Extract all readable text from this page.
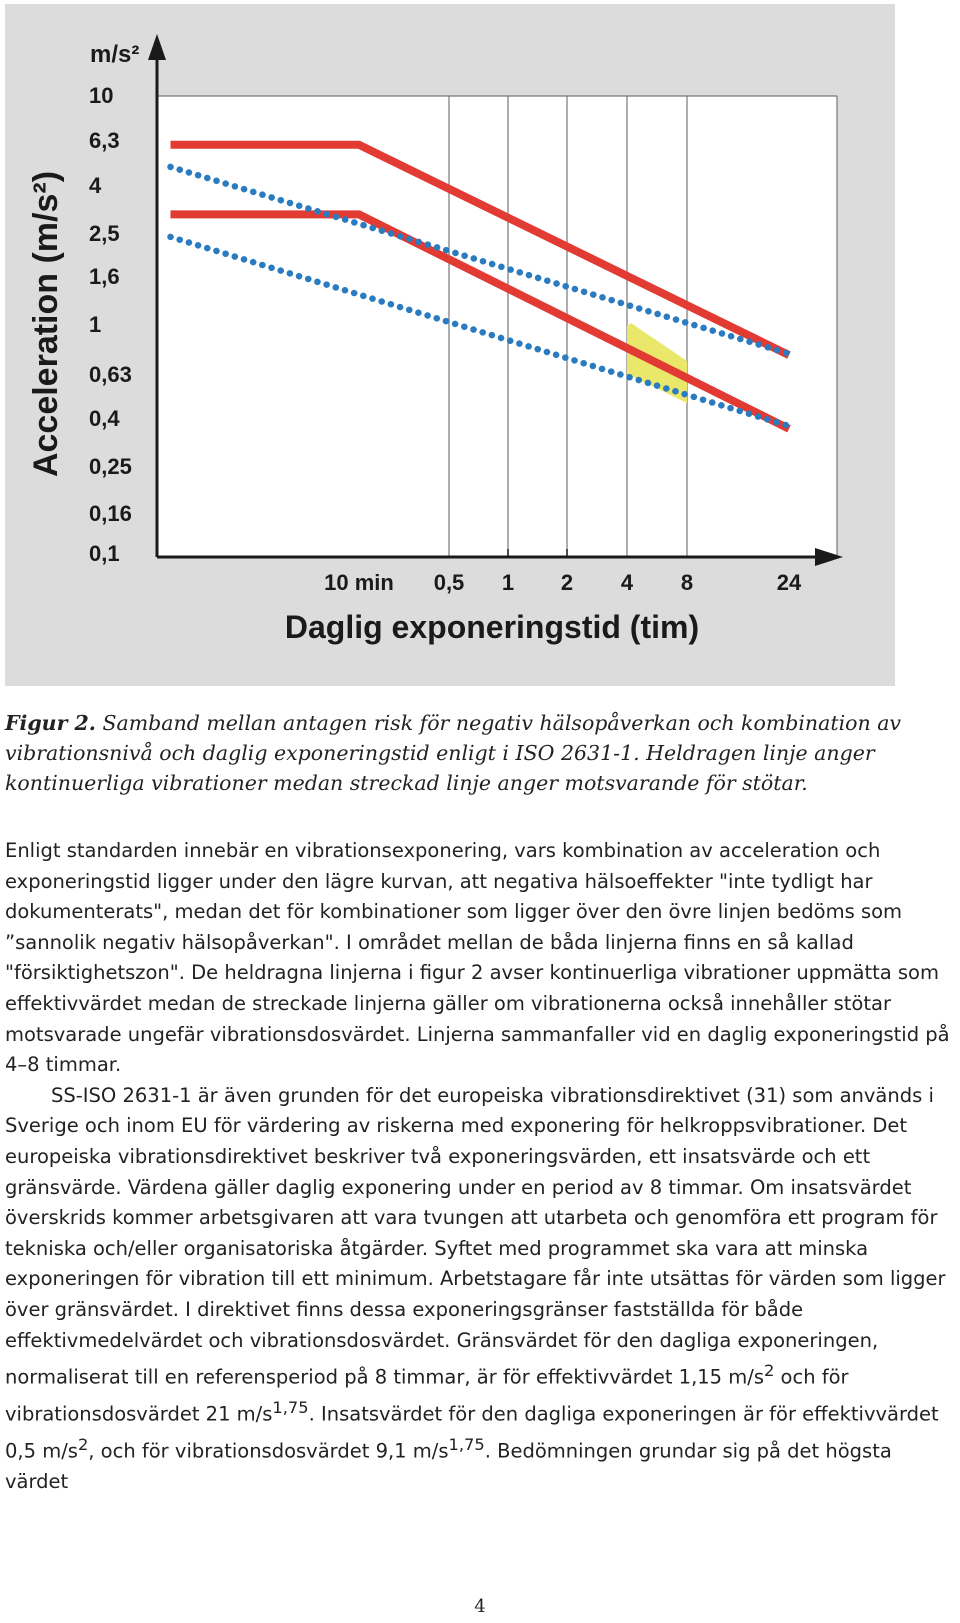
0,1
0,16
0,25
0,4
0,63
1
1,6
2,5
4
6,3
10
10 min 0,5 1 2 4 8	24
m/s²
Acceleration (m/s²)
Daglig exponeringstid (tim)
Figur 2. Samband mellan antagen risk för negativ hälsopåverkan och kombination av vibrationsnivå och daglig exponeringstid enligt i ISO 2631-1. Heldragen linje anger kontinuerliga vibrationer medan streckad linje anger motsvarande för stötar.

Enligt standarden innebär en vibrationsexponering, vars kombination av acceleration och exponeringstid ligger under den lägre kurvan, att negativa hälsoeffekter "inte tydligt har dokumenterats", medan det för kombinationer som ligger över den övre linjen bedöms som ”sannolik negativ hälsopåverkan". I området mellan de båda linjerna finns en så kallad "försiktighetszon". De heldragna linjerna i figur 2 avser kontinuerliga vibrationer uppmätta som effektivvärdet medan de streckade linjerna gäller om vibrationerna också innehåller stötar motsvarade ungefär vibrationsdosvärdet. Linjerna sammanfaller vid en daglig exponeringstid på 4–8 timmar.

SS-ISO 2631-1 är även grunden för det europeiska vibrationsdirektivet (31) som används i Sverige och inom EU för värdering av riskerna med exponering för helkroppsvibrationer. Det europeiska vibrationsdirektivet beskriver två exponeringsvärden, ett insatsvärde och ett gränsvärde. Värdena gäller daglig exponering under en period av 8 timmar. Om insatsvärdet överskrids kommer arbetsgivaren att vara tvungen att utarbeta och genomföra ett program för tekniska och/eller organisatoriska åtgärder. Syftet med programmet ska vara att minska exponeringen för vibration till ett minimum. Arbetstagare får inte utsättas för värden som ligger över gränsvärdet. I direktivet finns dessa exponeringsgränser fastställda för både effektivmedelvärdet och vibrationsdosvärdet. Gränsvärdet för den dagliga exponeringen, normaliserat till en referensperiod på 8 timmar, är för effektivvärdet 1,15 $m/s^2$ och för vibrationsdosvärdet 21 $m/s^{1,75}$. Insatsvärdet för den dagliga exponeringen är för effektivvärdet 0,5 $m/s^2$, och för vibrationsdosvärdet 9,1 $m/s^{1,75}$. Bedömningen grundar sig på det högsta värdet

4
